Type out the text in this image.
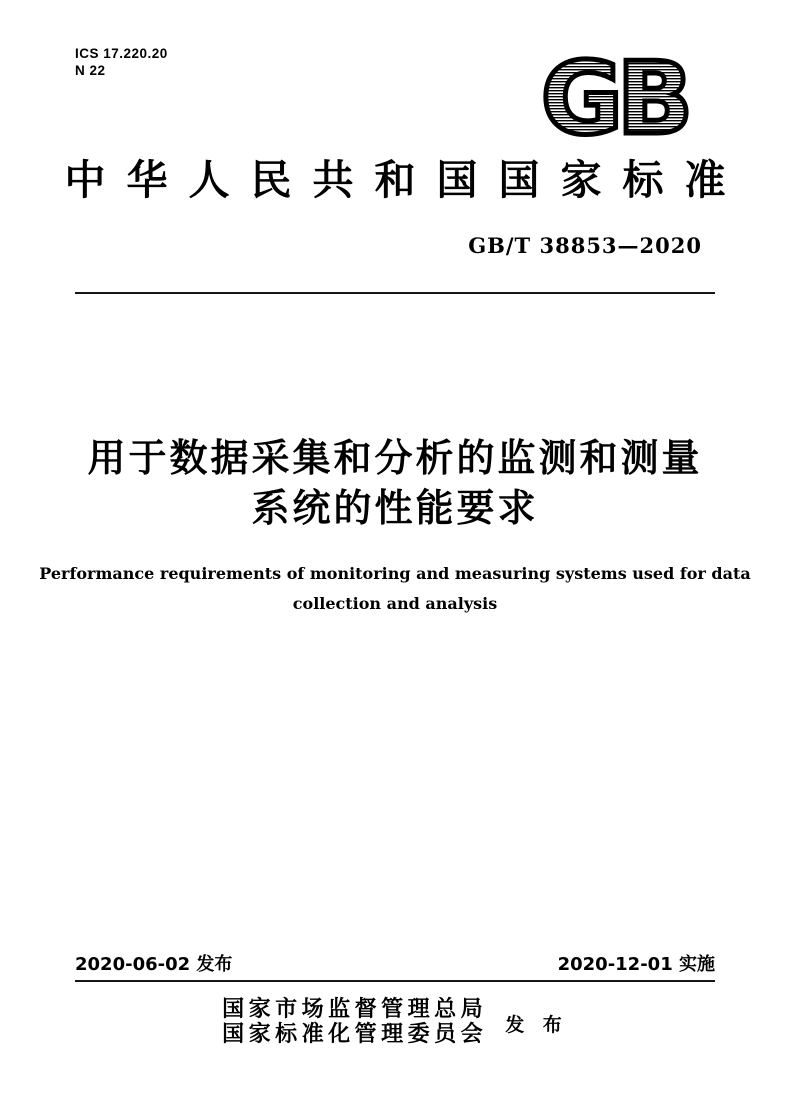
ICS 17.220.20
N 22	GB
中华人民共和国国家标准
GB/T 38853—2020
用于数据采集和分析的监测和测量
系统的性能要求
Performance requirements of monitoring and measuring systems used for data
collection and analysis
2020-06-02 发布	2020-12-01 实施
国家市场监督管理总局
国家标准化管理委员会 发 布
